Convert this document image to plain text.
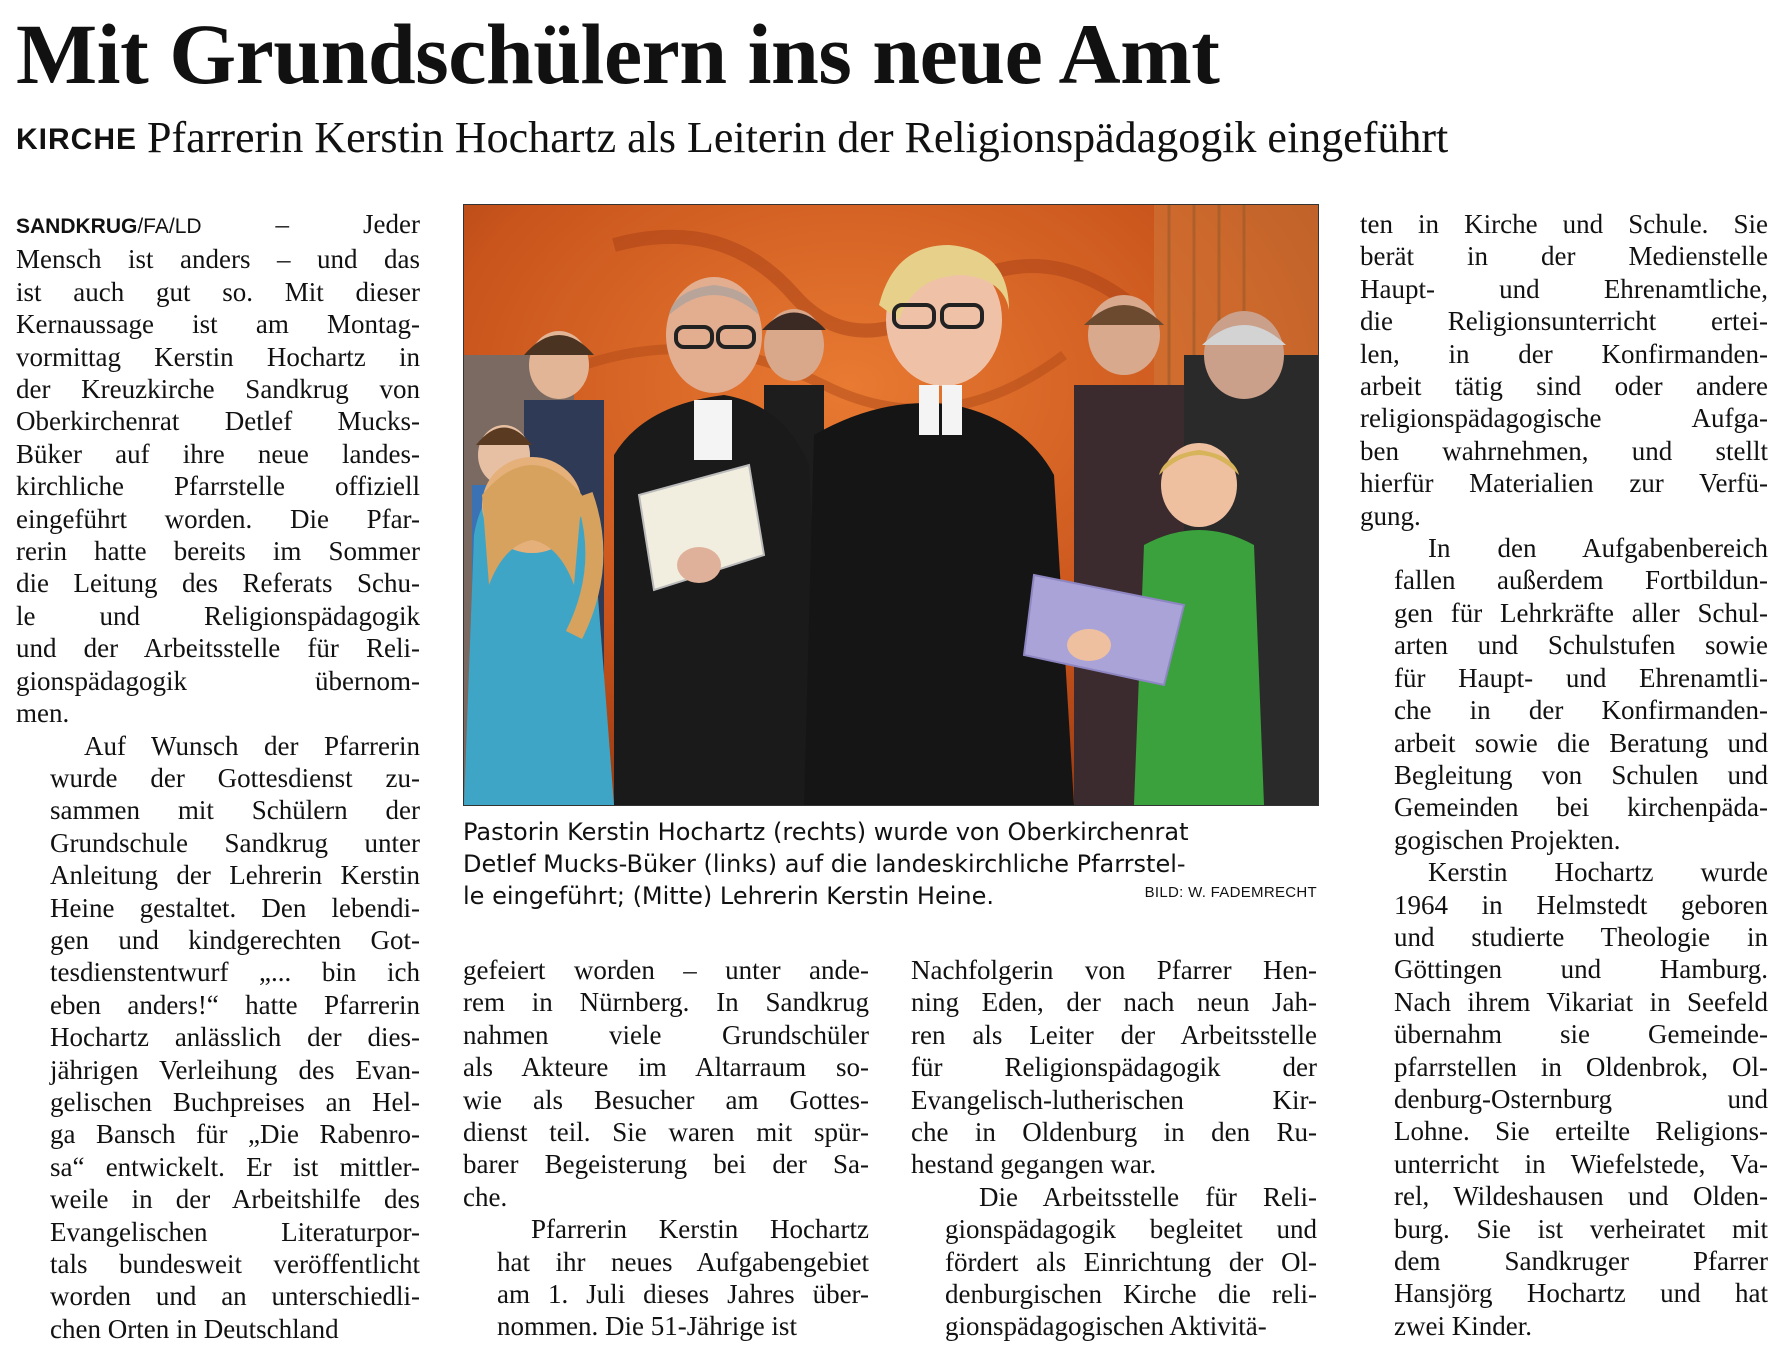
Mit Grundschülern ins neue Amt
KIRCHE Pfarrerin Kerstin Hochartz als Leiterin der Religionspädagogik eingeführt

SANDKRUG/FA/LD	–	Jeder
Mensch ist anders – und das
ist auch gut so. Mit dieser
Kernaussage ist am Montag-
vormittag Kerstin Hochartz in
der Kreuzkirche Sandkrug von
Oberkirchenrat Detlef Mucks-
Büker auf ihre neue landes-
kirchliche Pfarrstelle offiziell
eingeführt worden. Die Pfar-
rerin hatte bereits im Sommer
die Leitung des Referats Schu-
le und Religionspädagogik
und der Arbeitsstelle für Reli-
gionspädagogik übernom-
men.

Auf Wunsch der Pfarrerin
wurde der Gottesdienst zu-
sammen mit Schülern der
Grundschule Sandkrug unter
Anleitung der Lehrerin Kerstin
Heine gestaltet. Den lebendi-
gen und kindgerechten Got-
tesdienstentwurf „... bin ich
eben anders!“ hatte Pfarrerin
Hochartz anlässlich der dies-
jährigen Verleihung des Evan-
gelischen Buchpreises an Hel-
ga Bansch für „Die Rabenro-
sa“ entwickelt. Er ist mittler-
weile in der Arbeitshilfe des
Evangelischen Literaturpor-
tals bundesweit veröffentlicht
worden und an unterschiedli-
chen Orten in Deutschland

Pastorin Kerstin Hochartz (rechts) wurde von Oberkirchenrat
Detlef Mucks-Büker (links) auf die landeskirchliche Pfarrstel-
le eingeführt; (Mitte) Lehrerin Kerstin Heine.	BILD: W. FADEMRECHT

gefeiert worden – unter ande-
rem in Nürnberg. In Sandkrug
nahmen viele Grundschüler
als Akteure im Altarraum so-
wie als Besucher am Gottes-
dienst teil. Sie waren mit spür-
barer Begeisterung bei der Sa-
che.

Pfarrerin Kerstin Hochartz
hat ihr neues Aufgabengebiet
am 1. Juli dieses Jahres über-
nommen. Die 51-Jährige ist

Nachfolgerin von Pfarrer Hen-
ning Eden, der nach neun Jah-
ren als Leiter der Arbeitsstelle
für Religionspädagogik der
Evangelisch-lutherischen Kir-
che in Oldenburg in den Ru-
hestand gegangen war.

Die Arbeitsstelle für Reli-
gionspädagogik begleitet und
fördert als Einrichtung der Ol-
denburgischen Kirche die reli-
gionspädagogischen Aktivitä-

ten in Kirche und Schule. Sie
berät in der Medienstelle
Haupt- und Ehrenamtliche,
die Religionsunterricht ertei-
len, in der Konfirmanden-
arbeit tätig sind oder andere
religionspädagogische Aufga-
ben wahrnehmen, und stellt
hierfür Materialien zur Verfü-
gung.

In den Aufgabenbereich
fallen außerdem Fortbildun-
gen für Lehrkräfte aller Schul-
arten und Schulstufen sowie
für Haupt- und Ehrenamtli-
che in der Konfirmanden-
arbeit sowie die Beratung und
Begleitung von Schulen und
Gemeinden bei kirchenpäda-
gogischen Projekten.

Kerstin Hochartz wurde
1964 in Helmstedt geboren
und studierte Theologie in
Göttingen und Hamburg.
Nach ihrem Vikariat in Seefeld
übernahm sie Gemeinde-
pfarrstellen in Oldenbrok, Ol-
denburg-Osternburg und
Lohne. Sie erteilte Religions-
unterricht in Wiefelstede, Va-
rel, Wildeshausen und Olden-
burg. Sie ist verheiratet mit
dem Sandkruger Pfarrer
Hansjörg Hochartz und hat
zwei Kinder.
